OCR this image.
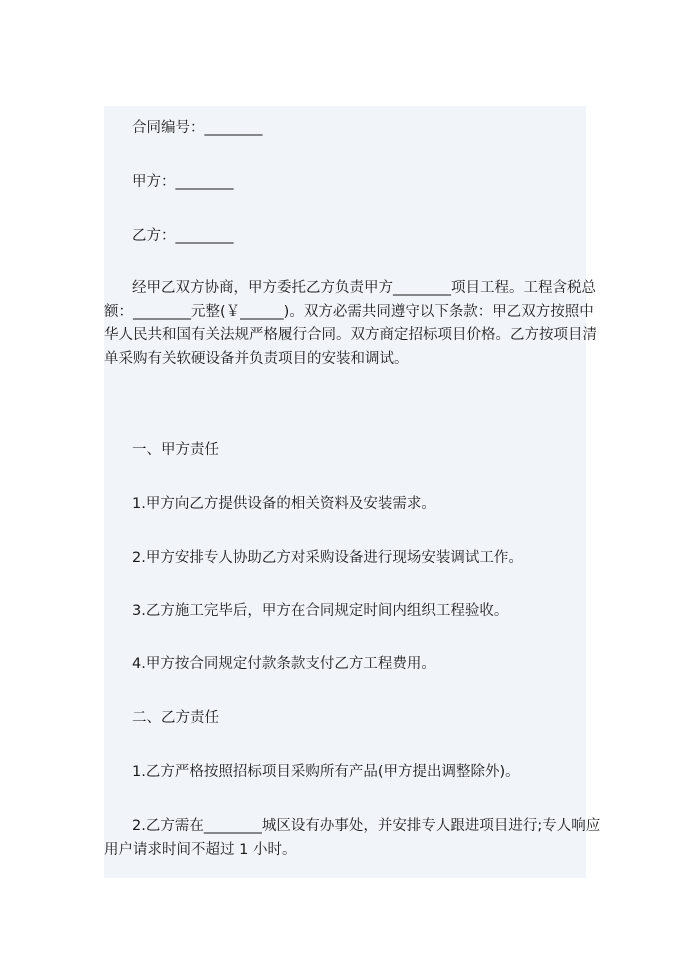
合同编号：________

甲方：________

乙方：________

经甲乙双方协商，甲方委托乙方负责甲方________项目工程。工程含税总
额：________元整(￥______)。双方必需共同遵守以下条款：甲乙双方按照中
华人民共和国有关法规严格履行合同。双方商定招标项目价格。乙方按项目清
单采购有关软硬设备并负责项目的安装和调试。

一、甲方责任

1.甲方向乙方提供设备的相关资料及安装需求。

2.甲方安排专人协助乙方对采购设备进行现场安装调试工作。

3.乙方施工完毕后，甲方在合同规定时间内组织工程验收。

4.甲方按合同规定付款条款支付乙方工程费用。

二、乙方责任

1.乙方严格按照招标项目采购所有产品(甲方提出调整除外)。

2.乙方需在________城区设有办事处，并安排专人跟进项目进行;专人响应
用户请求时间不超过 1 小时。
